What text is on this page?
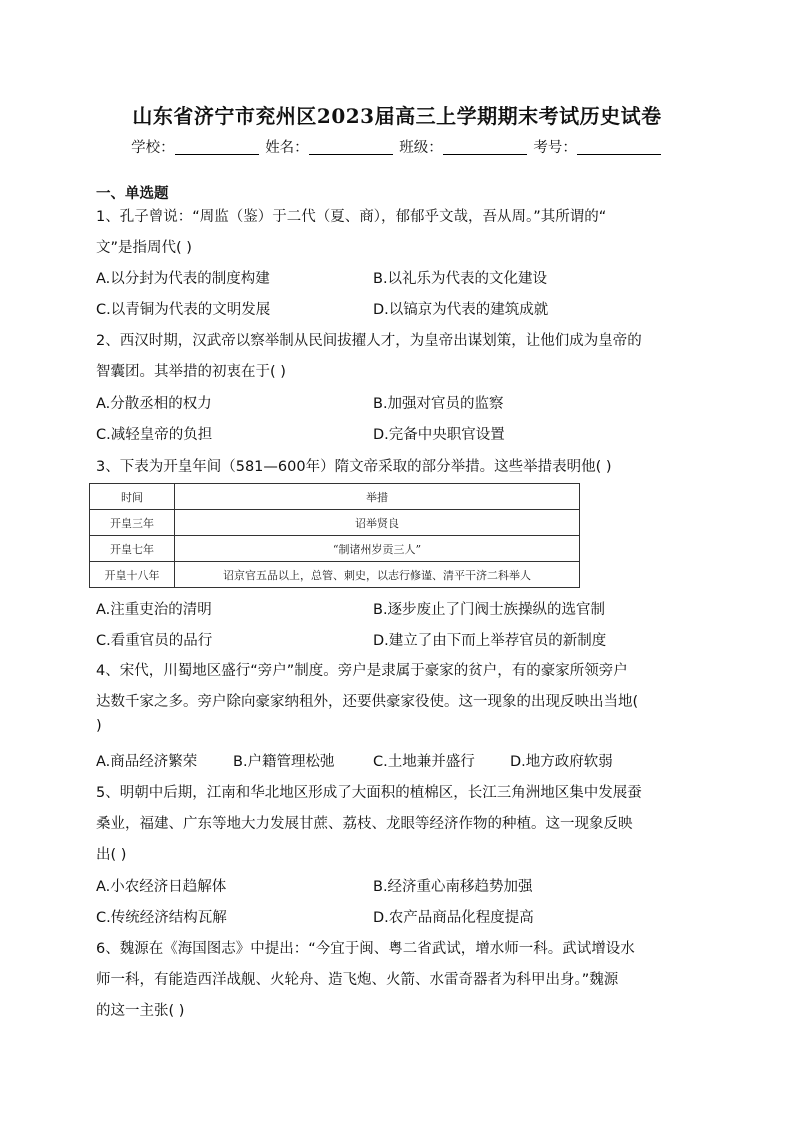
山东省济宁市兖州区2023届高三上学期期末考试历史试卷
学校：	姓名：	班级：	考号：
一、单选题
1、孔子曾说：“周监（鉴）于二代（夏、商），郁郁乎文哉，吾从周。”其所谓的“
文”是指周代( )
A.以分封为代表的制度构建	B.以礼乐为代表的文化建设
C.以青铜为代表的文明发展	D.以镐京为代表的建筑成就
2、西汉时期，汉武帝以察举制从民间拔擢人才，为皇帝出谋划策，让他们成为皇帝的
智囊团。其举措的初衷在于( )
A.分散丞相的权力	B.加强对官员的监察
C.减轻皇帝的负担	D.完备中央职官设置
3、下表为开皇年间（581—600年）隋文帝采取的部分举措。这些举措表明他( )
时间	举措
开皇三年	诏举贤良
开皇七年	“制诸州岁贡三人”
开皇十八年	诏京官五品以上，总管、刺史，以志行修谨、清平干济二科举人
A.注重吏治的清明	B.逐步废止了门阀士族操纵的选官制
C.看重官员的品行	D.建立了由下而上举荐官员的新制度
4、宋代，川蜀地区盛行“旁户”制度。旁户是隶属于豪家的贫户，有的豪家所领旁户
达数千家之多。旁户除向豪家纳租外，还要供豪家役使。这一现象的出现反映出当地(
)
A.商品经济繁荣 B.户籍管理松弛	C.土地兼并盛行 D.地方政府软弱
5、明朝中后期，江南和华北地区形成了大面积的植棉区，长江三角洲地区集中发展蚕
桑业，福建、广东等地大力发展甘蔗、荔枝、龙眼等经济作物的种植。这一现象反映
出( )
A.小农经济日趋解体	B.经济重心南移趋势加强
C.传统经济结构瓦解	D.农产品商品化程度提高
6、魏源在《海国图志》中提出：“今宜于闽、粤二省武试，增水师一科。武试增设水
师一科，有能造西洋战舰、火轮舟、造飞炮、火箭、水雷奇器者为科甲出身。”魏源
的这一主张( )
